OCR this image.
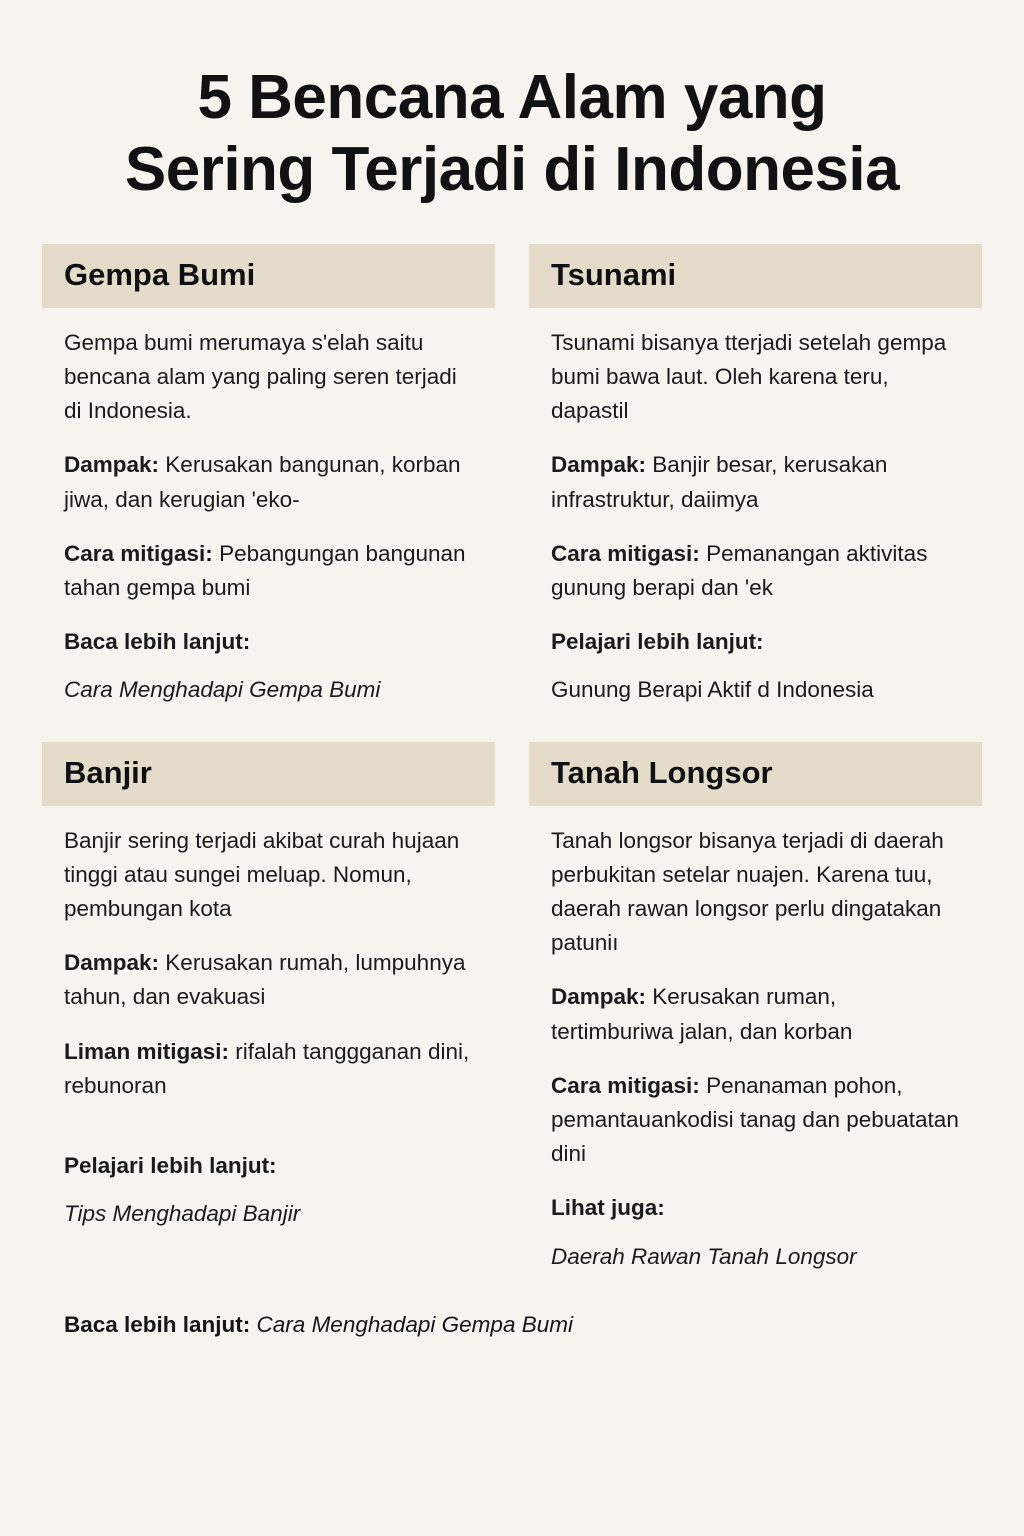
5 Bencana Alam yang
Sering Terjadi di Indonesia
Gempa Bumi

Gempa bumi merumaya sʹelah saitu bencana alam yang paling seren terjadi di Indonesia.

Dampak: Kerusakan bangunan, korban jiwa, dan kerugian 'eko-

Cara mitigasi: Pebangungan bangunan tahan gempa bumi

Baca lebih lanjut:

Cara Menghadapi Gempa Bumi

Tsunami

Tsunami bisanya tterjadi setelah gempa bumi bawa laut. Oleh karena teru, dapastil

Dampak: Banjir besar, kerusakan infrastruktur, daiimya

Cara mitigasi: Pemanangan aktivitas gunung berapi dan 'ek

Pelajari lebih lanjut:

Gunung Berapi Aktif d Indonesia

Banjir

Banjir sering terjadi akibat curah hujaan tinggi atau sungei meluap. Nomun, pembungan kota

Dampak: Kerusakan rumah, lumpuhnya tahun, dan evakuasi

Liman mitigasi: rifalah tanggganan dini, rebunoran

Pelajari lebih lanjut:

Tips Menghadapi Banjir

Tanah Longsor

Tanah longsor bisanya terjadi di daerah perbukitan setelar nuajen. Karena tuu, daerah rawan longsor perlu dingatakan patuniı

Dampak: Kerusakan ruman, tertimburiwa jalan, dan korban

Cara mitigasi: Penanaman pohon, pemantauankodisi tanag dan pebuatatan dini

Lihat juga:

Daerah Rawan Tanah Longsor

Baca lebih lanjut: Cara Menghadapi Gempa Bumi
